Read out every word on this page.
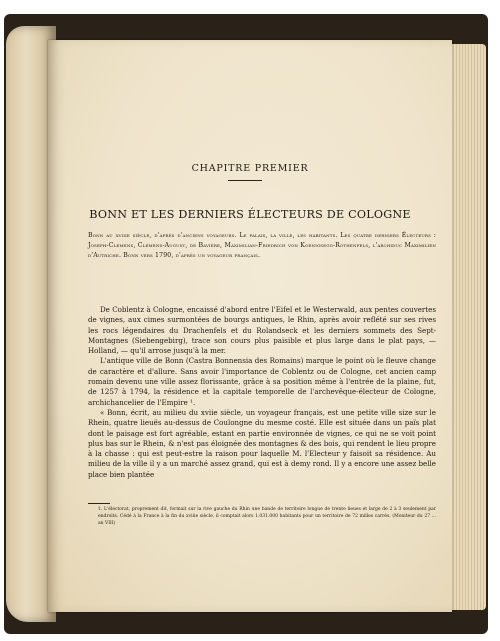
CHAPITRE PREMIER
BONN ET LES DERNIERS ÉLECTEURS DE COLOGNE
Bonn au xviiie siècle, d'après d'anciens voyageurs. Le palais, la ville, les habitants. Les quatre derniers Électeurs : Joseph-Clemens, Clemens-August, de Bavière, Maximilian-Friedrich von Koenigsegg-Rothenfels, l'archiduc Maximilien d'Autriche. Bonn vers 1790, d'après un voyageur français.

De Coblentz à Cologne, encaissé d'abord entre l'Eifel et le Westerwald, aux pentes couvertes de vignes, aux cimes surmontées de bourgs antiques, le Rhin, après avoir reflété sur ses rives les rocs légendaires du Drachenfels et du Rolandseck et les derniers sommets des Sept-Montagnes (Siebengebirg), trace son cours plus paisible et plus large dans le plat pays, — Holland, — qu'il arrose jusqu'à la mer.

L'antique ville de Bonn (Castra Bonnensia des Romains) marque le point où le fleuve change de caractère et d'allure. Sans avoir l'importance de Coblentz ou de Cologne, cet ancien camp romain devenu une ville assez florissante, grâce à sa position même à l'entrée de la plaine, fut, de 1257 à 1794, la résidence et la capitale temporelle de l'archevêque-électeur de Cologne, archichancelier de l'Empire ¹.

« Bonn, écrit, au milieu du xviie siècle, un voyageur français, est une petite ville size sur le Rhein, quatre lieuës au-dessus de Coulongne du mesme costé. Elle est située dans un païs plat dont le paisage est fort agréable, estant en partie environnée de vignes, ce qui ne se voit point plus bas sur le Rhein, & n'est pas éloignée des montagnes & des bois, qui rendent le lieu propre à la chasse : qui est peut-estre la raison pour laquelle M. l'Electeur y faisoit sa résidence. Au milieu de la ville il y a un marché assez grand, qui est à demy rond. Il y a encore une assez belle place bien plantée

1. L'électorat, proprement dit, formait sur la rive gauche du Rhin une bande de territoire longue de trente lieues et large de 2 à 3 seulement par endroits. Cédé à la France à la fin du xviiie siècle, il comptait alors 1.031.000 habitants pour un territoire de 72 milles carrés. (Moniteur du 27 ... an VIII)
